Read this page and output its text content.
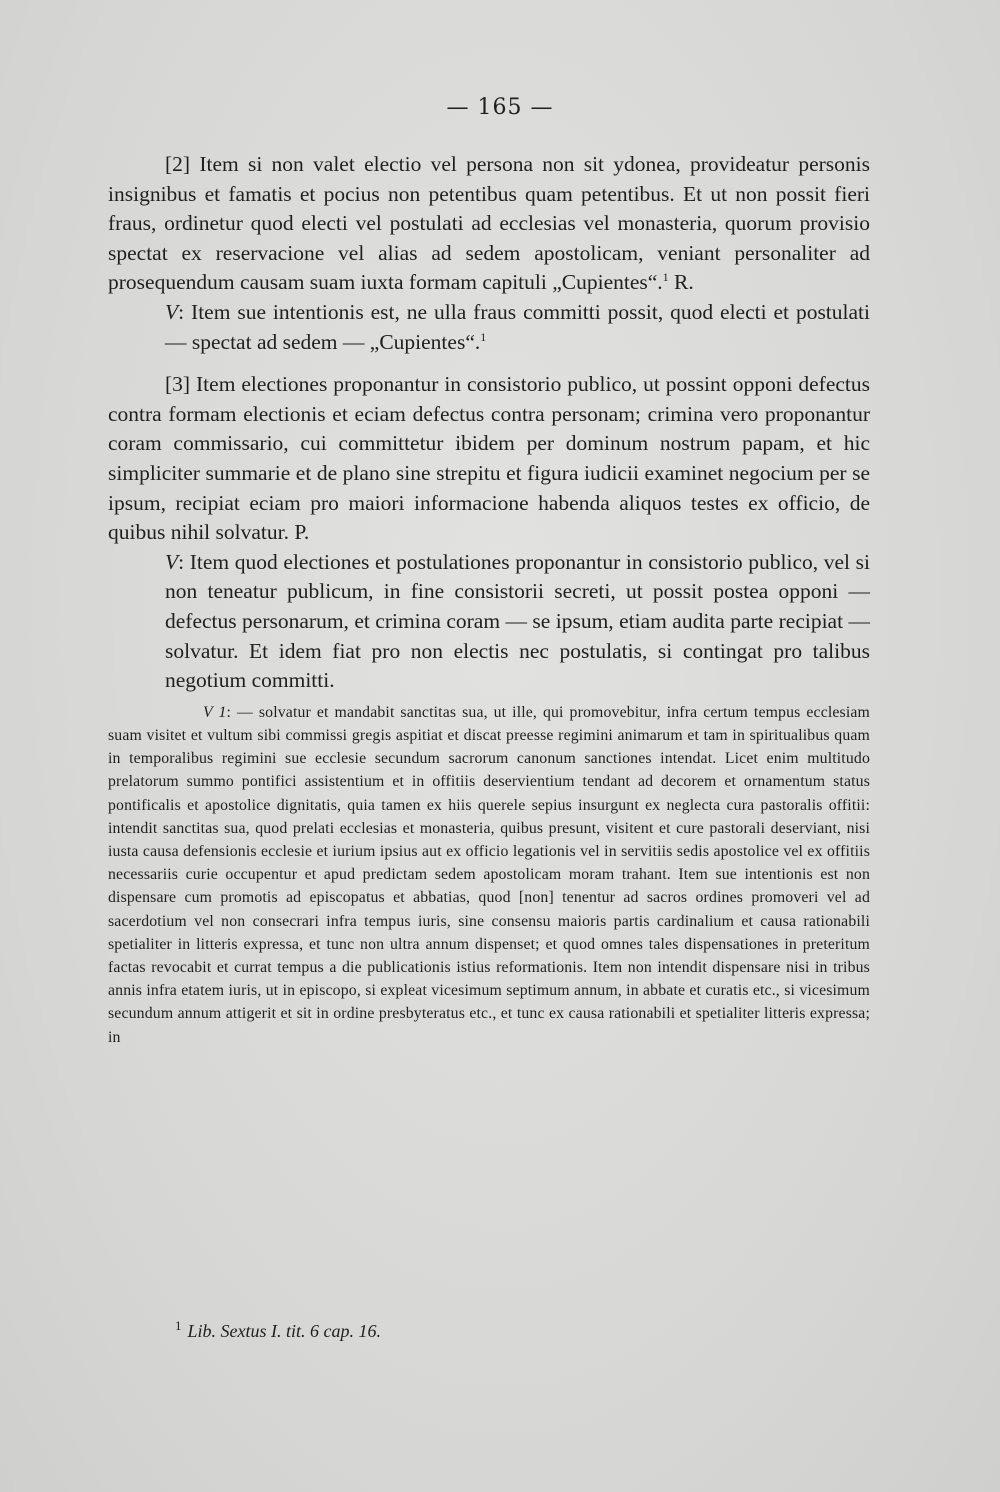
— 165 —

[2] Item si non valet electio vel persona non sit ydonea, provideatur personis insignibus et famatis et pocius non petentibus quam petentibus. Et ut non possit fieri fraus, ordinetur quod electi vel postulati ad ecclesias vel monasteria, quorum provisio spectat ex reservacione vel alias ad sedem apostolicam, veniant personaliter ad prosequendum causam suam iuxta formam capituli „Cupientes“.$^1$ R.

V: Item sue intentionis est, ne ulla fraus committi possit, quod electi et postulati — spectat ad sedem — „Cupientes“.$^1$

[3] Item electiones proponantur in consistorio publico, ut possint opponi defectus contra formam electionis et eciam defectus contra personam; crimina vero proponantur coram commissario, cui committetur ibidem per dominum nostrum papam, et hic simpliciter summarie et de plano sine strepitu et figura iudicii examinet negocium per se ipsum, recipiat eciam pro maiori informacione habenda aliquos testes ex officio, de quibus nihil solvatur. P.

V: Item quod electiones et postulationes proponantur in consistorio publico, vel si non teneatur publicum, in fine consistorii secreti, ut possit postea opponi — defectus personarum, et crimina coram — se ipsum, etiam audita parte recipiat — solvatur. Et idem fiat pro non electis nec postulatis, si contingat pro talibus negotium committi.

V 1: — solvatur et mandabit sanctitas sua, ut ille, qui promovebitur, infra certum tempus ecclesiam suam visitet et vultum sibi commissi gregis aspitiat et discat preesse regimini animarum et tam in spiritualibus quam in temporalibus regimini sue ecclesie secundum sacrorum canonum sanctiones intendat. Licet enim multitudo prelatorum summo pontifici assistentium et in offitiis deservientium tendant ad decorem et ornamentum status pontificalis et apostolice dignitatis, quia tamen ex hiis querele sepius insurgunt ex neglecta cura pastoralis offitii: intendit sanctitas sua, quod prelati ecclesias et monasteria, quibus presunt, visitent et cure pastorali deserviant, nisi iusta causa defensionis ecclesie et iurium ipsius aut ex officio legationis vel in servitiis sedis apostolice vel ex offitiis necessariis curie occupentur et apud predictam sedem apostolicam moram trahant. Item sue intentionis est non dispensare cum promotis ad episcopatus et abbatias, quod [non] tenentur ad sacros ordines promoveri vel ad sacerdotium vel non consecrari infra tempus iuris, sine consensu maioris partis cardinalium et causa rationabili spetialiter in litteris expressa, et tunc non ultra annum dispenset; et quod omnes tales dispensationes in preteritum factas revocabit et currat tempus a die publicationis istius reformationis. Item non intendit dispensare nisi in tribus annis infra etatem iuris, ut in episcopo, si expleat vicesimum septimum annum, in abbate et curatis etc., si vicesimum secundum annum attigerit et sit in ordine presbyteratus etc., et tunc ex causa rationabili et spetialiter litteris expressa; in

$^1$ Lib. Sextus I. tit. 6 cap. 16.
